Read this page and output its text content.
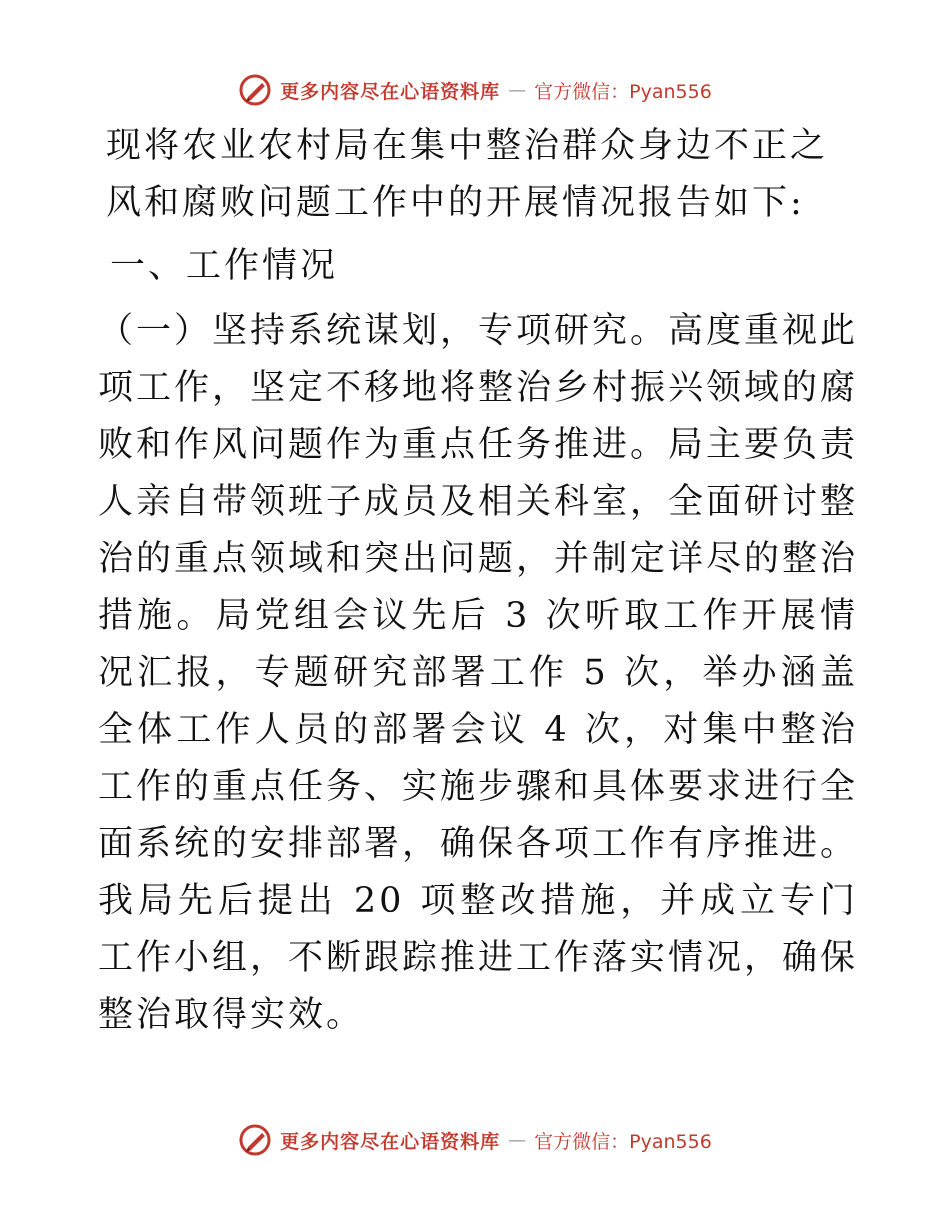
更多内容尽在心语资料库 — 官方微信：Pyan556

现将农业农村局在集中整治群众身边不正之风和腐败问题工作中的开展情况报告如下:

一、工作情况

（一）坚持系统谋划，专项研究。高度重视此项工作，坚定不移地将整治乡村振兴领域的腐败和作风问题作为重点任务推进。局主要负责人亲自带领班子成员及相关科室，全面研讨整治的重点领域和突出问题，并制定详尽的整治措施。局党组会议先后 3 次听取工作开展情况汇报，专题研究部署工作 5 次，举办涵盖全体工作人员的部署会议 4 次，对集中整治工作的重点任务、实施步骤和具体要求进行全面系统的安排部署，确保各项工作有序推进。我局先后提出 20 项整改措施，并成立专门工作小组，不断跟踪推进工作落实情况，确保整治取得实效。

更多内容尽在心语资料库 — 官方微信：Pyan556
